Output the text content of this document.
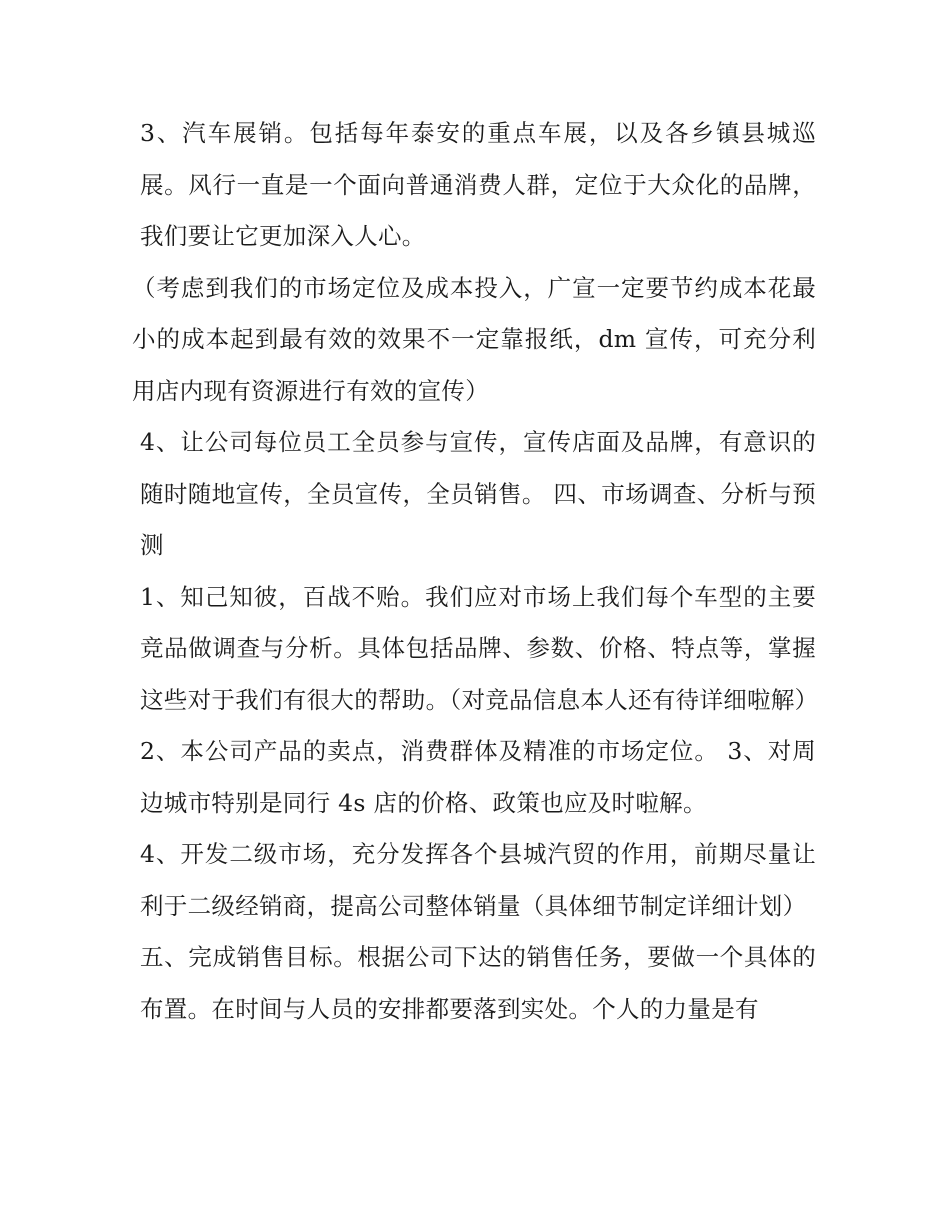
3、汽车展销。包括每年泰安的重点车展，以及各乡镇县城巡展。风行一直是一个面向普通消费人群，定位于大众化的品牌，我们要让它更加深入人心。

（考虑到我们的市场定位及成本投入，广宣一定要节约成本花最小的成本起到最有效的效果不一定靠报纸，dm 宣传，可充分利用店内现有资源进行有效的宣传）

4、让公司每位员工全员参与宣传，宣传店面及品牌，有意识的随时随地宣传，全员宣传，全员销售。 四、市场调查、分析与预测

1、知己知彼，百战不贻。我们应对市场上我们每个车型的主要竞品做调查与分析。具体包括品牌、参数、价格、特点等，掌握这些对于我们有很大的帮助。（对竞品信息本人还有待详细啦解）

2、本公司产品的卖点，消费群体及精准的市场定位。 3、对周边城市特别是同行 4s 店的价格、政策也应及时啦解。

4、开发二级市场，充分发挥各个县城汽贸的作用，前期尽量让利于二级经销商，提高公司整体销量（具体细节制定详细计划）

五、完成销售目标。根据公司下达的销售任务，要做一个具体的布置。在时间与人员的安排都要落到实处。个人的力量是有
